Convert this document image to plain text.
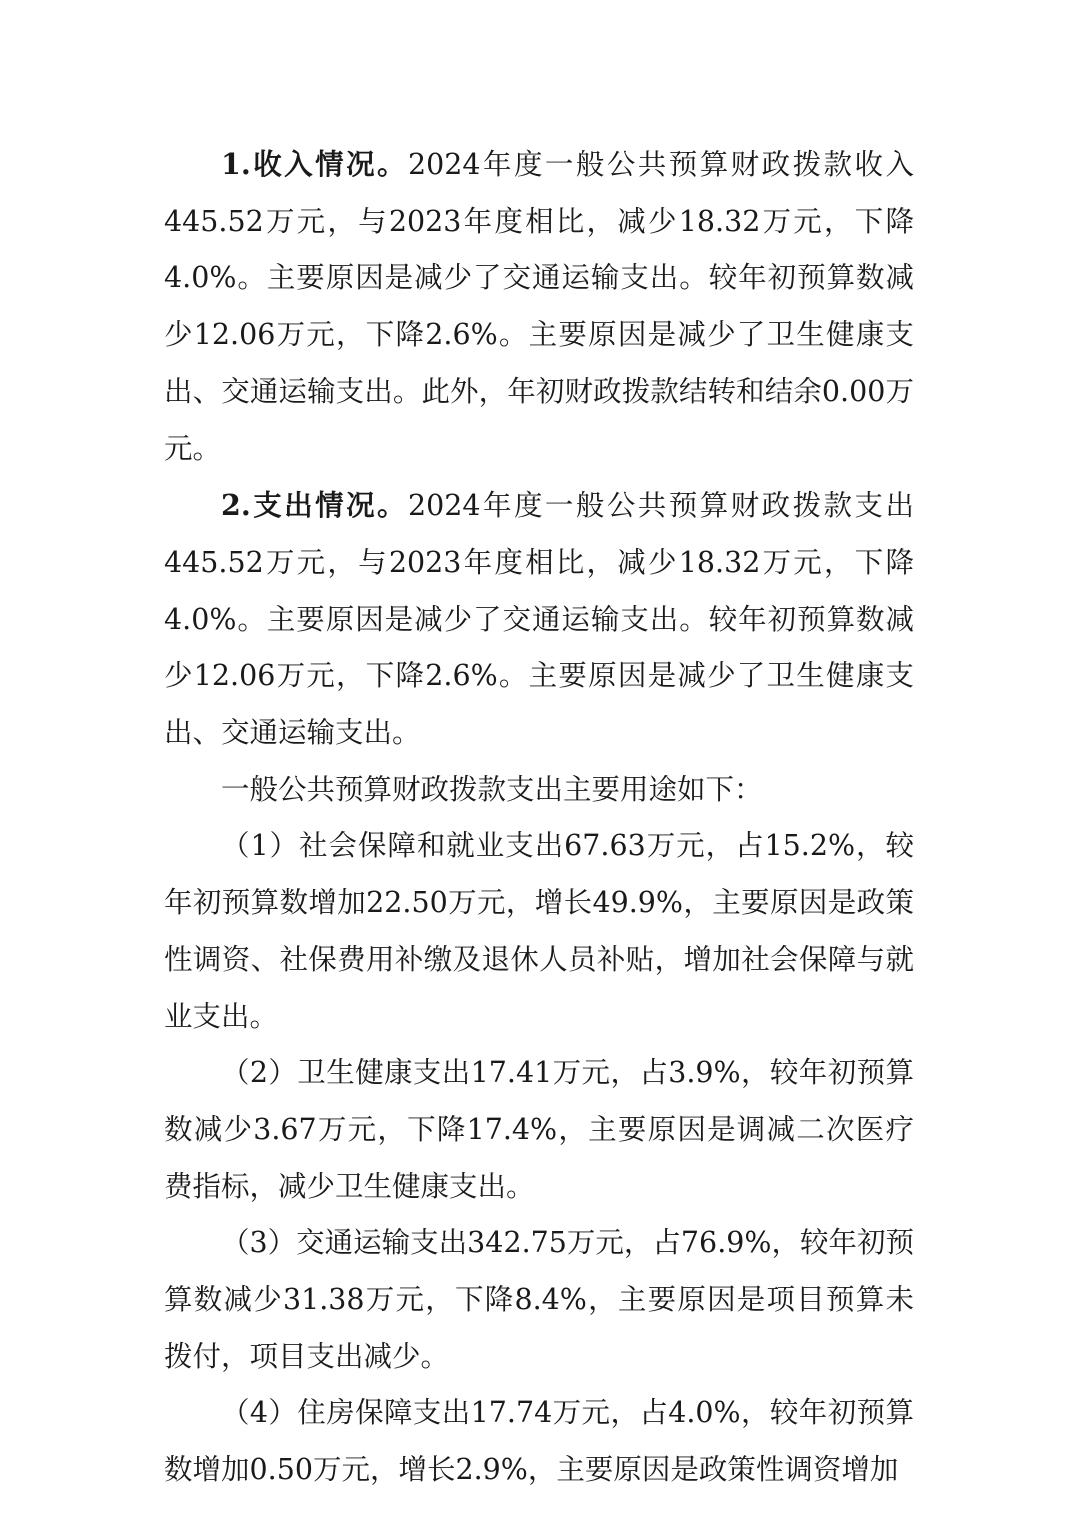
1.收入情况。2024年度一般公共预算财政拨款收入445.52万元，与2023年度相比，减少18.32万元，下降4.0%。主要原因是减少了交通运输支出。较年初预算数减少12.06万元，下降2.6%。主要原因是减少了卫生健康支出、交通运输支出。此外，年初财政拨款结转和结余0.00万元。

2.支出情况。2024年度一般公共预算财政拨款支出445.52万元，与2023年度相比，减少18.32万元，下降4.0%。主要原因是减少了交通运输支出。较年初预算数减少12.06万元，下降2.6%。主要原因是减少了卫生健康支出、交通运输支出。

一般公共预算财政拨款支出主要用途如下：

（1）社会保障和就业支出67.63万元，占15.2%，较年初预算数增加22.50万元，增长49.9%，主要原因是政策性调资、社保费用补缴及退休人员补贴，增加社会保障与就业支出。

（2）卫生健康支出17.41万元，占3.9%，较年初预算数减少3.67万元，下降17.4%，主要原因是调减二次医疗费指标，减少卫生健康支出。

（3）交通运输支出342.75万元，占76.9%，较年初预算数减少31.38万元，下降8.4%，主要原因是项目预算未拨付，项目支出减少。

（4）住房保障支出17.74万元，占4.0%，较年初预算数增加0.50万元，增长2.9%，主要原因是政策性调资增加
